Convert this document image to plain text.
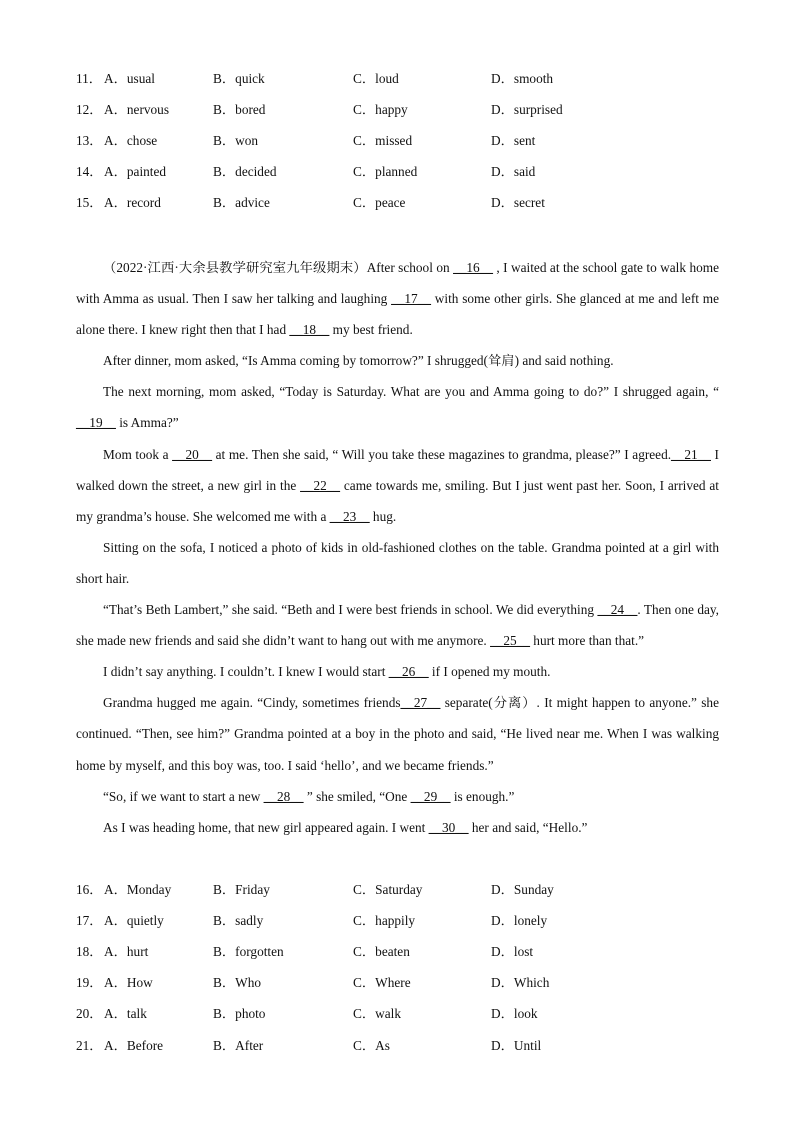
11． A．usual	B．quick	C．loud	D．smooth
12． A．nervous	B．bored	C．happy	D．surprised
13． A．chose	B．won	C．missed	D．sent
14． A．painted	B．decided	C．planned	D．said
15． A．record	B．advice	C．peace	D．secret

（2022·江西·大余县教学研究室九年级期末）After school on __16__ , I waited at the school gate to walk home with Amma as usual. Then I saw her talking and laughing __17__ with some other girls. She glanced at me and left me alone there. I knew right then that I had __18__ my best friend.

After dinner, mom asked, “Is Amma coming by tomorrow?” I shrugged(耸肩) and said nothing.

The next morning, mom asked, “Today is Saturday. What are you and Amma going to do?” I shrugged again, “ __19__ is Amma?”

Mom took a __20__ at me. Then she said, “ Will you take these magazines to grandma, please?” I agreed.__21__ I walked down the street, a new girl in the __22__ came towards me, smiling. But I just went past her. Soon, I arrived at my grandma’s house. She welcomed me with a __23__ hug.

Sitting on the sofa, I noticed a photo of kids in old-fashioned clothes on the table. Grandma pointed at a girl with short hair.

“That’s Beth Lambert,” she said. “Beth and I were best friends in school. We did everything __24__. Then one day, she made new friends and said she didn’t want to hang out with me anymore. __25__ hurt more than that.”

I didn’t say anything. I couldn’t. I knew I would start __26__ if I opened my mouth.

Grandma hugged me again. “Cindy, sometimes friends__27__ separate(分离）. It might happen to anyone.” she continued. “Then, see him?” Grandma pointed at a boy in the photo and said, “He lived near me. When I was walking home by myself, and this boy was, too. I said ‘hello’, and we became friends.”

“So, if we want to start a new __28__ ” she smiled, “One __29__ is enough.”

As I was heading home, that new girl appeared again. I went __30__ her and said, “Hello.”

16． A．Monday	B．Friday	C．Saturday	D．Sunday
17． A．quietly	B．sadly	C．happily	D．lonely
18． A．hurt	B．forgotten	C．beaten	D．lost
19． A．How	B．Who	C．Where	D．Which
20． A．talk	B．photo	C．walk	D．look
21． A．Before	B．After	C．As	D．Until
